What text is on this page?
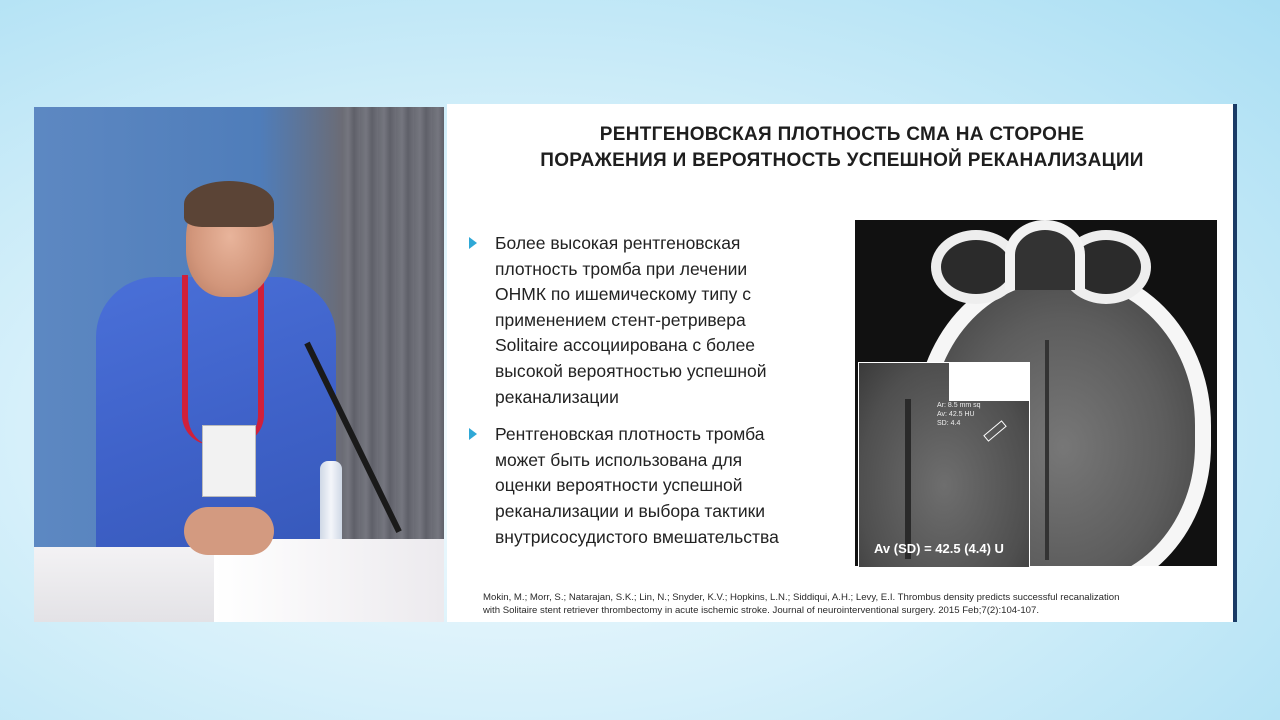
РЕНТГЕНОВСКАЯ ПЛОТНОСТЬ СМА НА СТОРОНЕ
ПОРАЖЕНИЯ И ВЕРОЯТНОСТЬ УСПЕШНОЙ РЕКАНАЛИЗАЦИИ
Более высокая рентгеновская
плотность тромба при лечении
ОНМК по ишемическому типу с
применением стент-ретривера
Solitaire ассоциирована с более
высокой вероятностью успешной
реканализации
Рентгеновская плотность тромба
может быть использована для
оценки вероятности успешной
реканализации и выбора тактики
внутрисосудистого вмешательства
Ar: 8.5 mm sq
Av: 42.5 HU
SD: 4.4
Av (SD) = 42.5 (4.4) U
Mokin, M.; Morr, S.; Natarajan, S.K.; Lin, N.; Snyder, K.V.; Hopkins, L.N.; Siddiqui, A.H.; Levy, E.I. Thrombus density predicts successful recanalization
with Solitaire stent retriever thrombectomy in acute ischemic stroke. Journal of neurointerventional surgery. 2015 Feb;7(2):104-107.
